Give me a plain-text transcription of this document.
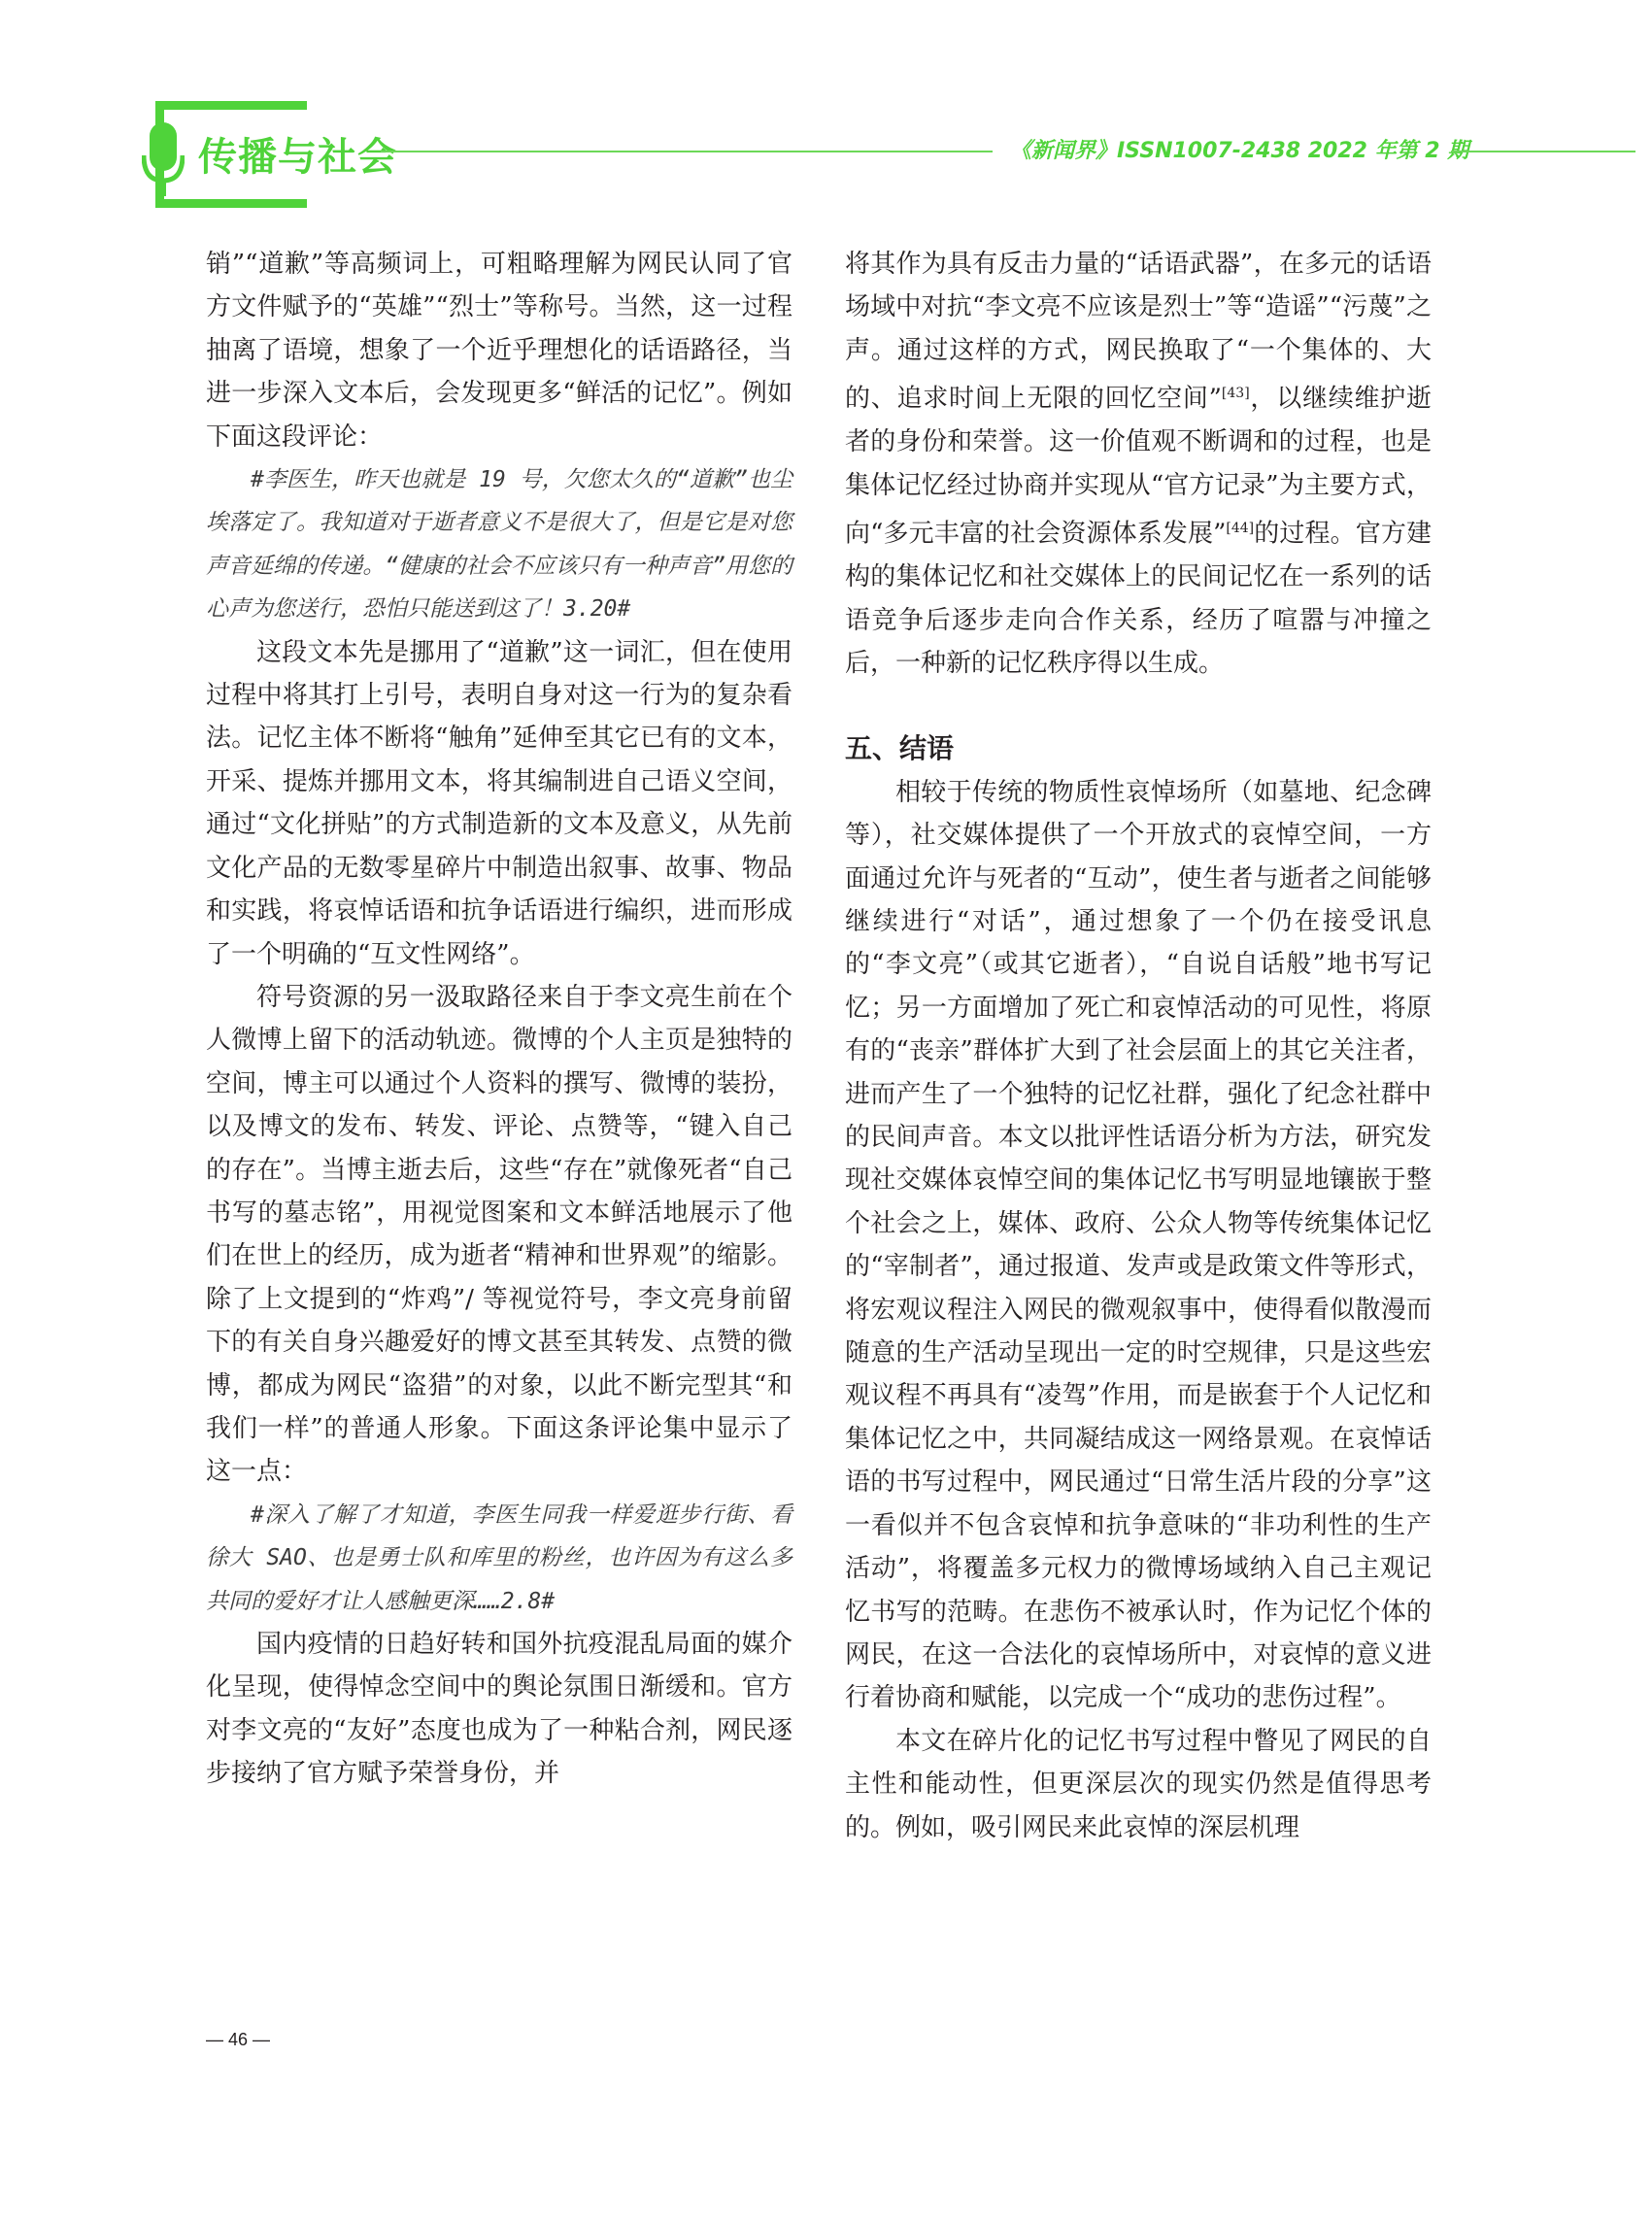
传播与社会	《新闻界》ISSN1007-2438 2022 年第 2 期

销”“道歉”等高频词上，可粗略理解为网民认同了官方文件赋予的“英雄”“烈士”等称号。当然，这一过程抽离了语境，想象了一个近乎理想化的话语路径，当进一步深入文本后，会发现更多“鲜活的记忆”。例如下面这段评论：

#李医生，昨天也就是 19 号，欠您太久的“道歉”也尘埃落定了。我知道对于逝者意义不是很大了，但是它是对您声音延绵的传递。“健康的社会不应该只有一种声音”用您的心声为您送行，恐怕只能送到这了！3.20#

这段文本先是挪用了“道歉”这一词汇，但在使用过程中将其打上引号，表明自身对这一行为的复杂看法。记忆主体不断将“触角”延伸至其它已有的文本，开采、提炼并挪用文本，将其编制进自己语义空间，通过“文化拼贴”的方式制造新的文本及意义，从先前文化产品的无数零星碎片中制造出叙事、故事、物品和实践，将哀悼话语和抗争话语进行编织，进而形成了一个明确的“互文性网络”。

符号资源的另一汲取路径来自于李文亮生前在个人微博上留下的活动轨迹。微博的个人主页是独特的空间，博主可以通过个人资料的撰写、微博的装扮，以及博文的发布、转发、评论、点赞等，“键入自己的存在”。当博主逝去后，这些“存在”就像死者“自己书写的墓志铭”，用视觉图案和文本鲜活地展示了他们在世上的经历，成为逝者“精神和世界观”的缩影。除了上文提到的“炸鸡”/ 等视觉符号，李文亮身前留下的有关自身兴趣爱好的博文甚至其转发、点赞的微博，都成为网民“盗猎”的对象，以此不断完型其“和我们一样”的普通人形象。下面这条评论集中显示了这一点：

#深入了解了才知道，李医生同我一样爱逛步行街、看徐大 SAO、也是勇士队和库里的粉丝，也许因为有这么多共同的爱好才让人感触更深……2.8#

国内疫情的日趋好转和国外抗疫混乱局面的媒介化呈现，使得悼念空间中的舆论氛围日渐缓和。官方对李文亮的“友好”态度也成为了一种粘合剂，网民逐步接纳了官方赋予荣誉身份，并

将其作为具有反击力量的“话语武器”，在多元的话语场域中对抗“李文亮不应该是烈士”等“造谣”“污蔑”之声。通过这样的方式，网民换取了“一个集体的、大的、追求时间上无限的回忆空间”[43]，以继续维护逝者的身份和荣誉。这一价值观不断调和的过程，也是集体记忆经过协商并实现从“官方记录”为主要方式，向“多元丰富的社会资源体系发展”[44]的过程。官方建构的集体记忆和社交媒体上的民间记忆在一系列的话语竞争后逐步走向合作关系，经历了喧嚣与冲撞之后，一种新的记忆秩序得以生成。

五、结语

相较于传统的物质性哀悼场所（如墓地、纪念碑等），社交媒体提供了一个开放式的哀悼空间，一方面通过允许与死者的“互动”，使生者与逝者之间能够继续进行“对话”，通过想象了一个仍在接受讯息的“李文亮”（或其它逝者），“自说自话般”地书写记忆；另一方面增加了死亡和哀悼活动的可见性，将原有的“丧亲”群体扩大到了社会层面上的其它关注者，进而产生了一个独特的记忆社群，强化了纪念社群中的民间声音。本文以批评性话语分析为方法，研究发现社交媒体哀悼空间的集体记忆书写明显地镶嵌于整个社会之上，媒体、政府、公众人物等传统集体记忆的“宰制者”，通过报道、发声或是政策文件等形式，将宏观议程注入网民的微观叙事中，使得看似散漫而随意的生产活动呈现出一定的时空规律，只是这些宏观议程不再具有“凌驾”作用，而是嵌套于个人记忆和集体记忆之中，共同凝结成这一网络景观。在哀悼话语的书写过程中，网民通过“日常生活片段的分享”这一看似并不包含哀悼和抗争意味的“非功利性的生产活动”，将覆盖多元权力的微博场域纳入自己主观记忆书写的范畴。在悲伤不被承认时，作为记忆个体的网民，在这一合法化的哀悼场所中，对哀悼的意义进行着协商和赋能，以完成一个“成功的悲伤过程”。

本文在碎片化的记忆书写过程中瞥见了网民的自主性和能动性，但更深层次的现实仍然是值得思考的。例如，吸引网民来此哀悼的深层机理

— 46 —
